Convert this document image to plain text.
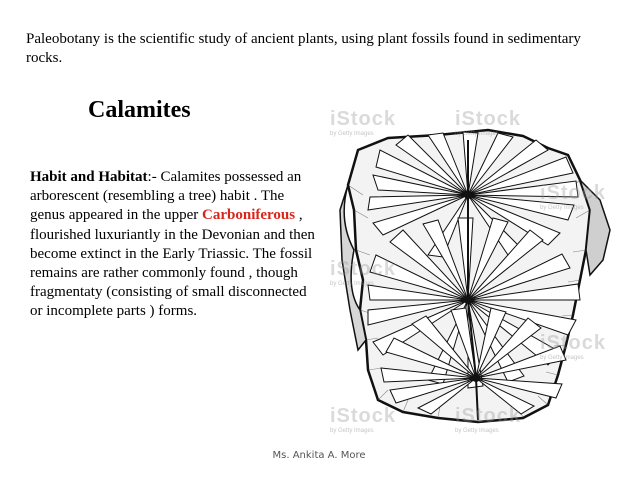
Paleobotany is the scientific study of ancient plants, using plant fossils found in sedimentary rocks.
Calamites
Habit and Habitat:- Calamites possessed an arborescent (resembling a tree) habit . The genus appeared in the upper Carboniferous , flourished luxuriantly in the Devonian and then become extinct in the Early Triassic. The fossil remains are rather commonly found , though fragmentaty (consisting of small disconnected or incomplete parts ) forms.
iStock
by Getty Images
iStock
by Getty Images
iStock
by Getty Images
iStock
by Getty Images
iStock
by Getty Images
iStock
by Getty Images
iStock
by Getty Images
Ms. Ankita A. More
